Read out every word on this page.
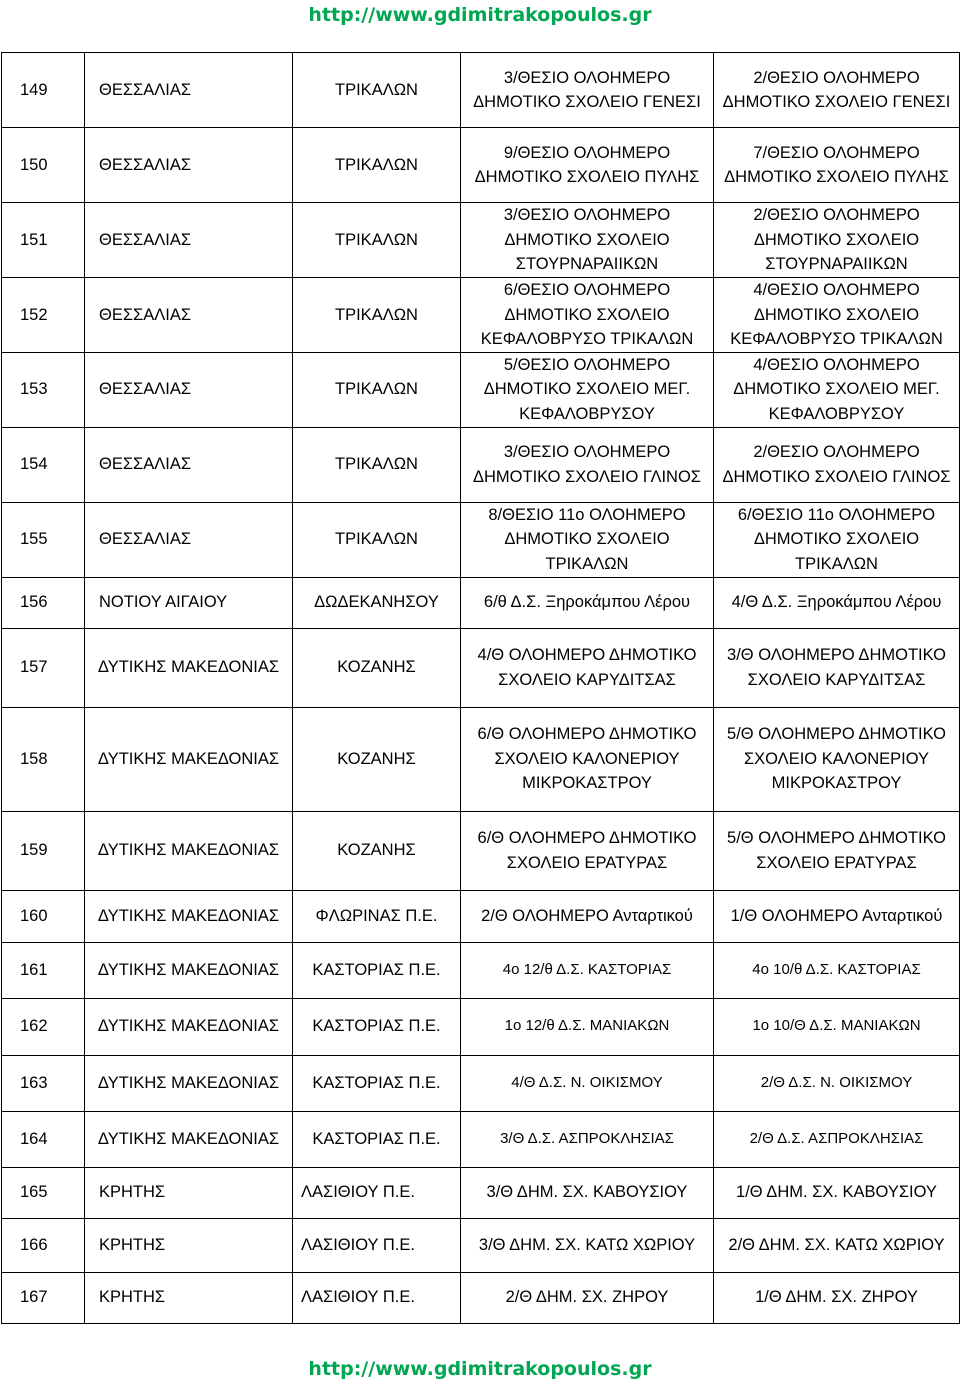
http://www.gdimitrakopoulos.gr
149	ΘΕΣΣΑΛΙΑΣ	ΤΡΙΚΑΛΩΝ	3/ΘΕΣΙΟ ΟΛΟΗΜΕΡΟ ΔΗΜΟΤΙΚΟ ΣΧΟΛΕΙΟ ΓΕΝΕΣΙ	2/ΘΕΣΙΟ ΟΛΟΗΜΕΡΟ ΔΗΜΟΤΙΚΟ ΣΧΟΛΕΙΟ ΓΕΝΕΣΙ
150	ΘΕΣΣΑΛΙΑΣ	ΤΡΙΚΑΛΩΝ	9/ΘΕΣΙΟ ΟΛΟΗΜΕΡΟ ΔΗΜΟΤΙΚΟ ΣΧΟΛΕΙΟ ΠΥΛΗΣ	7/ΘΕΣΙΟ ΟΛΟΗΜΕΡΟ ΔΗΜΟΤΙΚΟ ΣΧΟΛΕΙΟ ΠΥΛΗΣ
151	ΘΕΣΣΑΛΙΑΣ	ΤΡΙΚΑΛΩΝ	3/ΘΕΣΙΟ ΟΛΟΗΜΕΡΟ ΔΗΜΟΤΙΚΟ ΣΧΟΛΕΙΟ ΣΤΟΥΡΝΑΡΑΙΙΚΩΝ	2/ΘΕΣΙΟ ΟΛΟΗΜΕΡΟ ΔΗΜΟΤΙΚΟ ΣΧΟΛΕΙΟ ΣΤΟΥΡΝΑΡΑΙΙΚΩΝ
152	ΘΕΣΣΑΛΙΑΣ	ΤΡΙΚΑΛΩΝ	6/ΘΕΣΙΟ ΟΛΟΗΜΕΡΟ ΔΗΜΟΤΙΚΟ ΣΧΟΛΕΙΟ ΚΕΦΑΛΟΒΡΥΣΟ ΤΡΙΚΑΛΩΝ	4/ΘΕΣΙΟ ΟΛΟΗΜΕΡΟ ΔΗΜΟΤΙΚΟ ΣΧΟΛΕΙΟ ΚΕΦΑΛΟΒΡΥΣΟ ΤΡΙΚΑΛΩΝ
153	ΘΕΣΣΑΛΙΑΣ	ΤΡΙΚΑΛΩΝ	5/ΘΕΣΙΟ ΟΛΟΗΜΕΡΟ ΔΗΜΟΤΙΚΟ ΣΧΟΛΕΙΟ ΜΕΓ. ΚΕΦΑΛΟΒΡΥΣΟΥ	4/ΘΕΣΙΟ ΟΛΟΗΜΕΡΟ ΔΗΜΟΤΙΚΟ ΣΧΟΛΕΙΟ ΜΕΓ. ΚΕΦΑΛΟΒΡΥΣΟΥ
154	ΘΕΣΣΑΛΙΑΣ	ΤΡΙΚΑΛΩΝ	3/ΘΕΣΙΟ ΟΛΟΗΜΕΡΟ ΔΗΜΟΤΙΚΟ ΣΧΟΛΕΙΟ ΓΛΙΝΟΣ	2/ΘΕΣΙΟ ΟΛΟΗΜΕΡΟ ΔΗΜΟΤΙΚΟ ΣΧΟΛΕΙΟ ΓΛΙΝΟΣ
155	ΘΕΣΣΑΛΙΑΣ	ΤΡΙΚΑΛΩΝ	8/ΘΕΣΙΟ 11ο ΟΛΟΗΜΕΡΟ ΔΗΜΟΤΙΚΟ ΣΧΟΛΕΙΟ ΤΡΙΚΑΛΩΝ	6/ΘΕΣΙΟ 11ο ΟΛΟΗΜΕΡΟ ΔΗΜΟΤΙΚΟ ΣΧΟΛΕΙΟ ΤΡΙΚΑΛΩΝ
156	ΝΟΤΙΟΥ ΑΙΓΑΙΟΥ	ΔΩΔΕΚΑΝΗΣΟΥ	6/θ Δ.Σ. Ξηροκάμπου Λέρου	4/Θ Δ.Σ. Ξηροκάμπου Λέρου
157	ΔΥΤΙΚΗΣ ΜΑΚΕΔΟΝΙΑΣ	ΚΟΖΑΝΗΣ	4/Θ ΟΛΟΗΜΕΡΟ ΔΗΜΟΤΙΚΟ ΣΧΟΛΕΙΟ ΚΑΡΥΔΙΤΣΑΣ	3/Θ ΟΛΟΗΜΕΡΟ ΔΗΜΟΤΙΚΟ ΣΧΟΛΕΙΟ ΚΑΡΥΔΙΤΣΑΣ
158	ΔΥΤΙΚΗΣ ΜΑΚΕΔΟΝΙΑΣ	ΚΟΖΑΝΗΣ	6/Θ ΟΛΟΗΜΕΡΟ ΔΗΜΟΤΙΚΟ ΣΧΟΛΕΙΟ ΚΑΛΟΝΕΡΙΟΥ ΜΙΚΡΟΚΑΣΤΡΟΥ	5/Θ ΟΛΟΗΜΕΡΟ ΔΗΜΟΤΙΚΟ ΣΧΟΛΕΙΟ ΚΑΛΟΝΕΡΙΟΥ ΜΙΚΡΟΚΑΣΤΡΟΥ
159	ΔΥΤΙΚΗΣ ΜΑΚΕΔΟΝΙΑΣ	ΚΟΖΑΝΗΣ	6/Θ ΟΛΟΗΜΕΡΟ ΔΗΜΟΤΙΚΟ ΣΧΟΛΕΙΟ ΕΡΑΤΥΡΑΣ	5/Θ ΟΛΟΗΜΕΡΟ ΔΗΜΟΤΙΚΟ ΣΧΟΛΕΙΟ ΕΡΑΤΥΡΑΣ
160	ΔΥΤΙΚΗΣ ΜΑΚΕΔΟΝΙΑΣ	ΦΛΩΡΙΝΑΣ Π.Ε.	2/Θ ΟΛΟΗΜΕΡΟ Ανταρτικού	1/Θ ΟΛΟΗΜΕΡΟ Ανταρτικού
161	ΔΥΤΙΚΗΣ ΜΑΚΕΔΟΝΙΑΣ	ΚΑΣΤΟΡΙΑΣ Π.Ε.	4ο 12/θ Δ.Σ. ΚΑΣΤΟΡΙΑΣ	4ο 10/θ Δ.Σ. ΚΑΣΤΟΡΙΑΣ
162	ΔΥΤΙΚΗΣ ΜΑΚΕΔΟΝΙΑΣ	ΚΑΣΤΟΡΙΑΣ Π.Ε.	1ο 12/θ Δ.Σ. ΜΑΝΙΑΚΩΝ	1ο 10/Θ Δ.Σ. ΜΑΝΙΑΚΩΝ
163	ΔΥΤΙΚΗΣ ΜΑΚΕΔΟΝΙΑΣ	ΚΑΣΤΟΡΙΑΣ Π.Ε.	4/Θ Δ.Σ. Ν. ΟΙΚΙΣΜΟΥ	2/Θ Δ.Σ. Ν. ΟΙΚΙΣΜΟΥ
164	ΔΥΤΙΚΗΣ ΜΑΚΕΔΟΝΙΑΣ	ΚΑΣΤΟΡΙΑΣ Π.Ε.	3/Θ Δ.Σ. ΑΣΠΡΟΚΛΗΣΙΑΣ	2/Θ Δ.Σ. ΑΣΠΡΟΚΛΗΣΙΑΣ
165	ΚΡΗΤΗΣ	ΛΑΣΙΘΙΟΥ Π.Ε.	3/Θ ΔΗΜ. ΣΧ. ΚΑΒΟΥΣΙΟΥ	1/Θ ΔΗΜ. ΣΧ. ΚΑΒΟΥΣΙΟΥ
166	ΚΡΗΤΗΣ	ΛΑΣΙΘΙΟΥ Π.Ε.	3/Θ ΔΗΜ. ΣΧ. ΚΑΤΩ ΧΩΡΙΟΥ	2/Θ ΔΗΜ. ΣΧ. ΚΑΤΩ ΧΩΡΙΟΥ
167	ΚΡΗΤΗΣ	ΛΑΣΙΘΙΟΥ Π.Ε.	2/Θ ΔΗΜ. ΣΧ. ΖΗΡΟΥ	1/Θ ΔΗΜ. ΣΧ. ΖΗΡΟΥ
http://www.gdimitrakopoulos.gr
